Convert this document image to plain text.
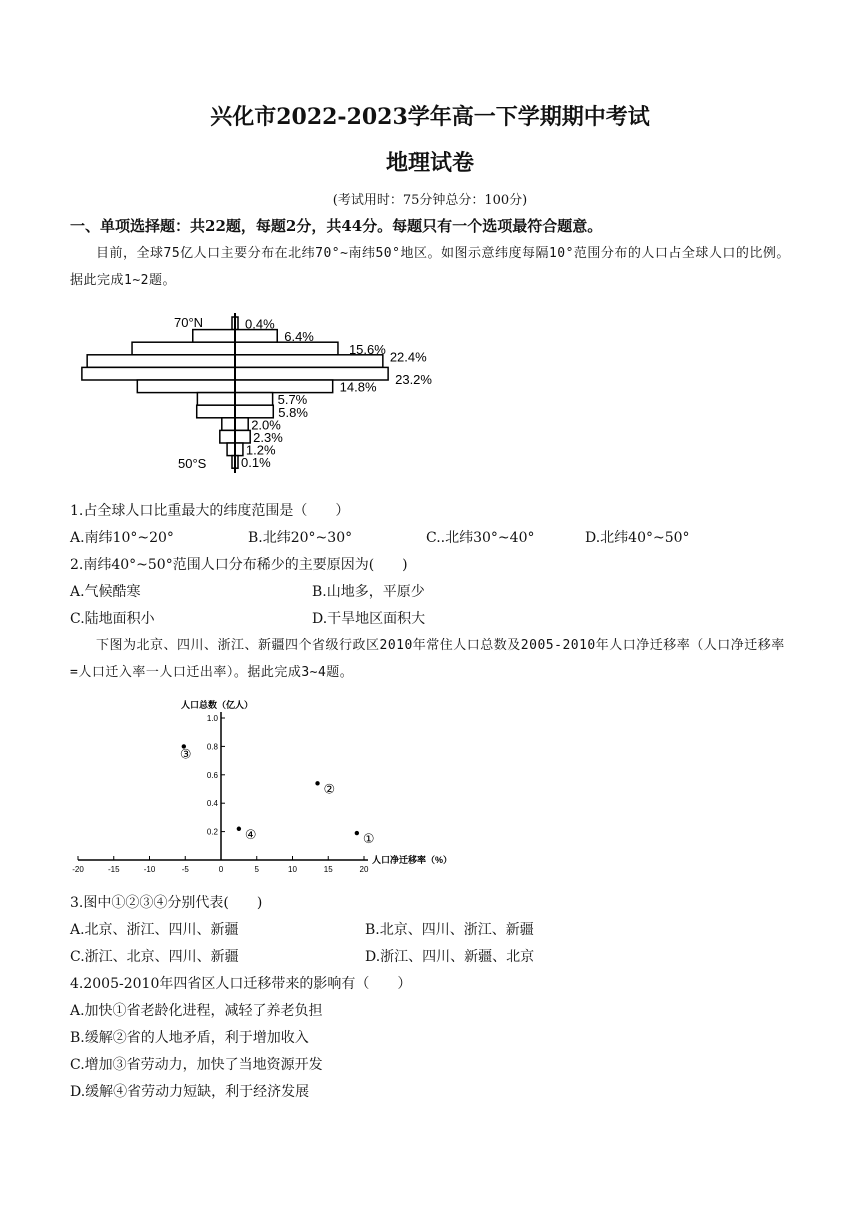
兴化市2022-2023学年高一下学期期中考试
地理试卷
(考试用时：75分钟总分：100分)
一、单项选择题：共22题，每题2分，共44分。每题只有一个选项最符合题意。
目前，全球75亿人口主要分布在北纬70°~南纬50°地区。如图示意纬度每隔10°范围分布的人口占全球人口的比例。据此完成1~2题。
70°N
50°S
0.4%
6.4%
15.6%
22.4%
23.2%
14.8%
5.7%
5.8%
2.0%
2.3%
1.2%
0.1%
1.占全球人口比重最大的纬度范围是（　　）
A.南纬10°~20°	B.北纬20°~30°	C..北纬30°~40°	D.北纬40°~50°
2.南纬40°~50°范围人口分布稀少的主要原因为(　　)
A.气候酷寒	B.山地多，平原少
C.陆地面积小	D.干旱地区面积大
下图为北京、四川、浙江、新疆四个省级行政区2010年常住人口总数及2005-2010年人口净迁移率（人口净迁移率=人口迁入率一人口迁出率）。据此完成3~4题。
-20	-15	-10	-5	0	5	10	15	20
0.2
0.4
0.6
0.8
1.0
人口总数（亿人）
人口净迁移率（%）
①
②
③
④
3.图中①②③④分别代表(　　)
A.北京、浙江、四川、新疆	B.北京、四川、浙江、新疆
C.浙江、北京、四川、新疆	D.浙江、四川、新疆、北京
4.2005-2010年四省区人口迁移带来的影响有（　　）
A.加快①省老龄化进程，减轻了养老负担
B.缓解②省的人地矛盾，利于增加收入
C.增加③省劳动力，加快了当地资源开发
D.缓解④省劳动力短缺，利于经济发展
